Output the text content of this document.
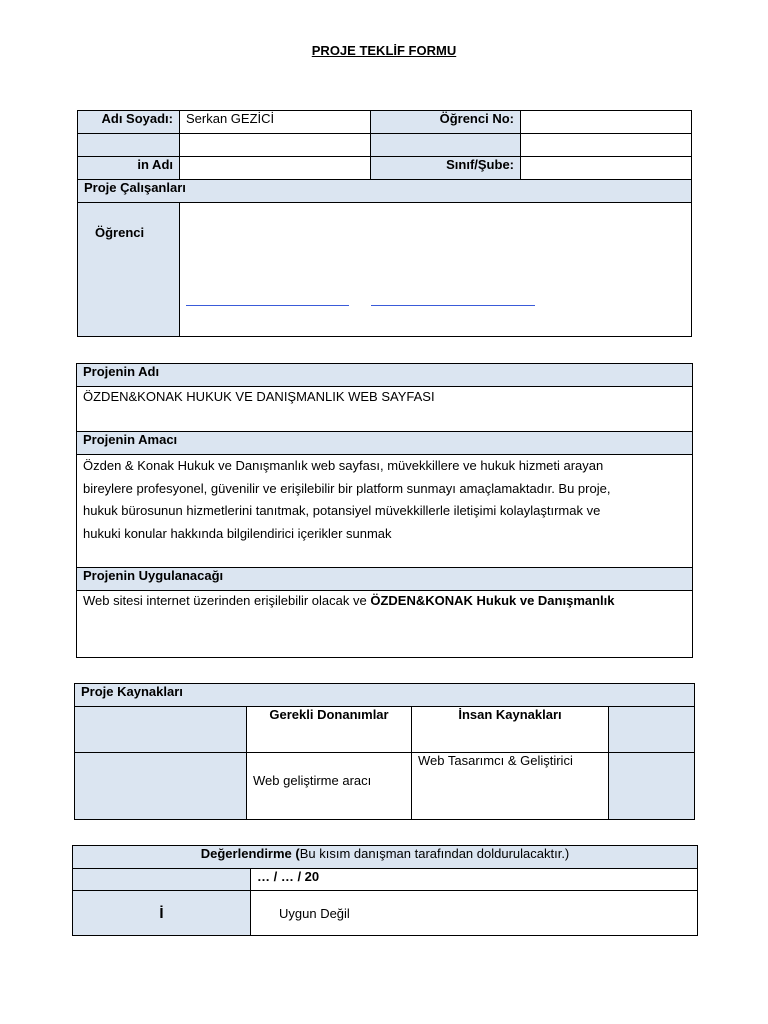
PROJE TEKLİF FORMU
Adı Soyadı:	Serkan GEZİCİ	Öğrenci No:	

in Adı		Sınıf/Şube:	
Proje Çalışanları			
Öğrenci			
Projenin Adı
ÖZDEN&KONAK HUKUK VE DANIŞMANLIK WEB SAYFASI
Projenin Amacı

Özden & Konak Hukuk ve Danışmanlık web sayfası, müvekkillere ve hukuk hizmeti arayan
bireylere profesyonel, güvenilir ve erişilebilir bir platform sunmayı amaçlamaktadır. Bu proje,
hukuk bürosunun hizmetlerini tanıtmak, potansiyel müvekkillerle iletişimi kolaylaştırmak ve
hukuki konular hakkında bilgilendirici içerikler sunmak

Projenin Uygulanacağı
Web sitesi internet üzerinden erişilebilir olacak ve ÖZDEN&KONAK Hukuk ve Danışmanlık
Proje Kaynakları			
	Gerekli Donanımlar	İnsan Kaynakları	
	Web geliştirme aracı	Web Tasarımcı & Geliştirici	
Değerlendirme (Bu kısım danışman tarafından doldurulacaktır.)	
	… / … / 20
İ	Uygun Değil
